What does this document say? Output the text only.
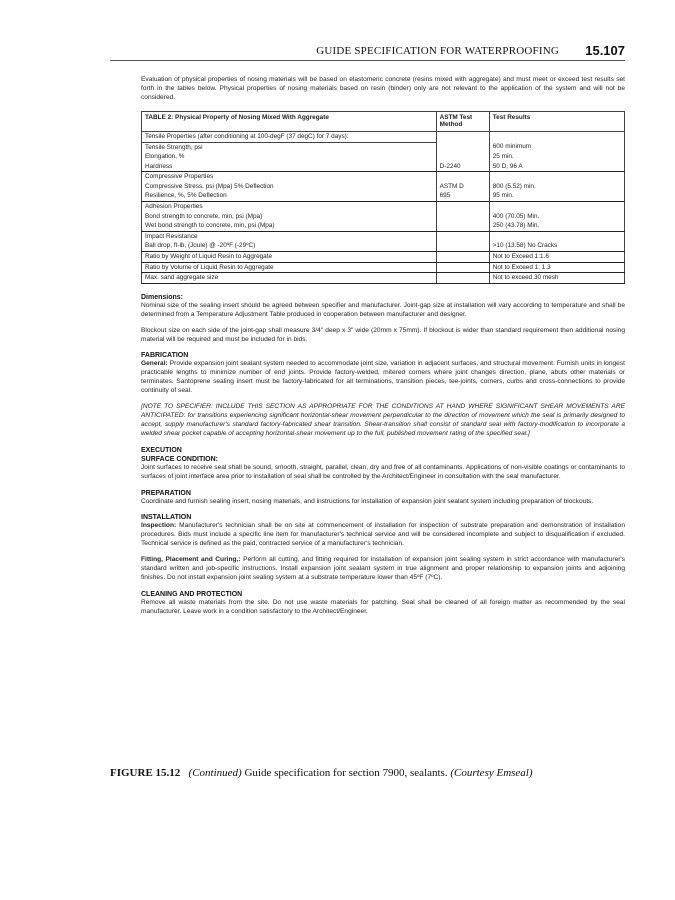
GUIDE SPECIFICATION FOR WATERPROOFING 15.107

Evaluation of physical properties of nosing materials will be based on elastomeric concrete (resins mixed with aggregate) and must meet or exceed test results set forth in the tables below. Physical properties of nosing materials based on resin (binder) only are not relevant to the application of the system and will not be considered.

TABLE 2: Physical Property of Nosing Mixed With Aggregate	ASTM Test Method	Test Results
Tensile Properties (after conditioning at 100-degF (37 degC) for 7 days):		
Tensile Strength, psi		600 minimum
Elongation, %		25 min.
Hardness	D-2240	50 D, 96 A
Compressive Properties		
Compressive Stress, psi (Mpa) 5% Deflection	ASTM D	800 (5.52) min.
Resilience, %, 5% Deflection	695	95 min.
Adhesion Properties		
Bond strength to concrete, min, psi (Mpa)		400 (70.05) Min.
Wet bond strength to concrete, min, psi (Mpa)		250 (43.78) Min.
Impact Resistance		
Ball drop, ft-lb, (Joule) @ -20ºF (-29ºC)		>10 (13.58) No Cracks
Ratio by Weight of Liquid Resin to Aggregate		Not to Exceed 1:1.6
Ratio by Volume of Liquid Resin to Aggregate		Not to Exceed 1: 1.3
Max. sand aggregate size		Not to exceed 30 mesh
Dimensions:

Nominal size of the sealing insert should be agreed between specifier and manufacturer. Joint-gap size at installation will vary according to temperature and shall be determined from a Temperature Adjustment Table produced in cooperation between manufacturer and designer.

Blockout size on each side of the joint-gap shall measure 3/4" deep x 3" wide (20mm x 75mm). If blockout is wider than standard requirement then additional nosing material will be required and must be included for in bids.

FABRICATION

General: Provide expansion joint sealant system needed to accommodate joint size, variation in adjacent surfaces, and structural movement. Furnish units in longest practicable lengths to minimize number of end joints. Provide factory-welded, mitered corners where joint changes direction, plane, abuts other materials or terminates. Santoprene sealing insert must be factory-fabricated for all terminations, transition pieces, tee-joints, corners, curbs and cross-connections to provide continuity of seal.

[NOTE TO SPECIFIER: INCLUDE THIS SECTION AS APPROPRIATE FOR THE CONDITIONS AT HAND WHERE SIGNIFICANT SHEAR MOVEMENTS ARE ANTICIPATED: for transitions experiencing significant horizontal-shear movement perpendicular to the direction of movement which the seal is primarily designed to accept, supply manufacturer's standard factory-fabricated shear transition. Shear-transition shall consist of standard seal with factory-modification to incorporate a welded shear pocket capable of accepting horizontal-shear movement up to the full, published movement rating of the specified seal.]

EXECUTION
SURFACE CONDITION:

Joint surfaces to receive seal shall be sound, smooth, straight, parallel, clean, dry and free of all contaminants. Applications of non-visible coatings or contaminants to surfaces of joint interface area prior to installation of seal shall be controlled by the Architect/Engineer in consultation with the seal manufacturer.

PREPARATION

Coordinate and furnish sealing insert, nosing materials, and instructions for installation of expansion joint sealant system including preparation of blockouts.

INSTALLATION

Inspection: Manufacturer's technician shall be on site at commencement of installation for inspection of substrate preparation and demonstration of installation procedures. Bids must include a specific line item for manufacturer's technical service and will be considered incomplete and subject to disqualification if excluded. Technical service is defined as the paid, contracted service of a manufacturer's technician.

Fitting, Placement and Curing,: Perform all cutting, and fitting required for installation of expansion joint sealing system in strict accordance with manufacturer's standard written and job-specific instructions. Install expansion joint sealant system in true alignment and proper relationship to expansion joints and adjoining finishes. Do not install expansion joint sealing system at a substrate temperature lower than 45ºF (7ºC).

CLEANING AND PROTECTION

Remove all waste materials from the site. Do not use waste materials for patching. Seal shall be cleaned of all foreign matter as recommended by the seal manufacturer. Leave work in a condition satisfactory to the Architect/Engineer.

FIGURE 15.12 (Continued) Guide specification for section 7900, sealants. (Courtesy Emseal)
